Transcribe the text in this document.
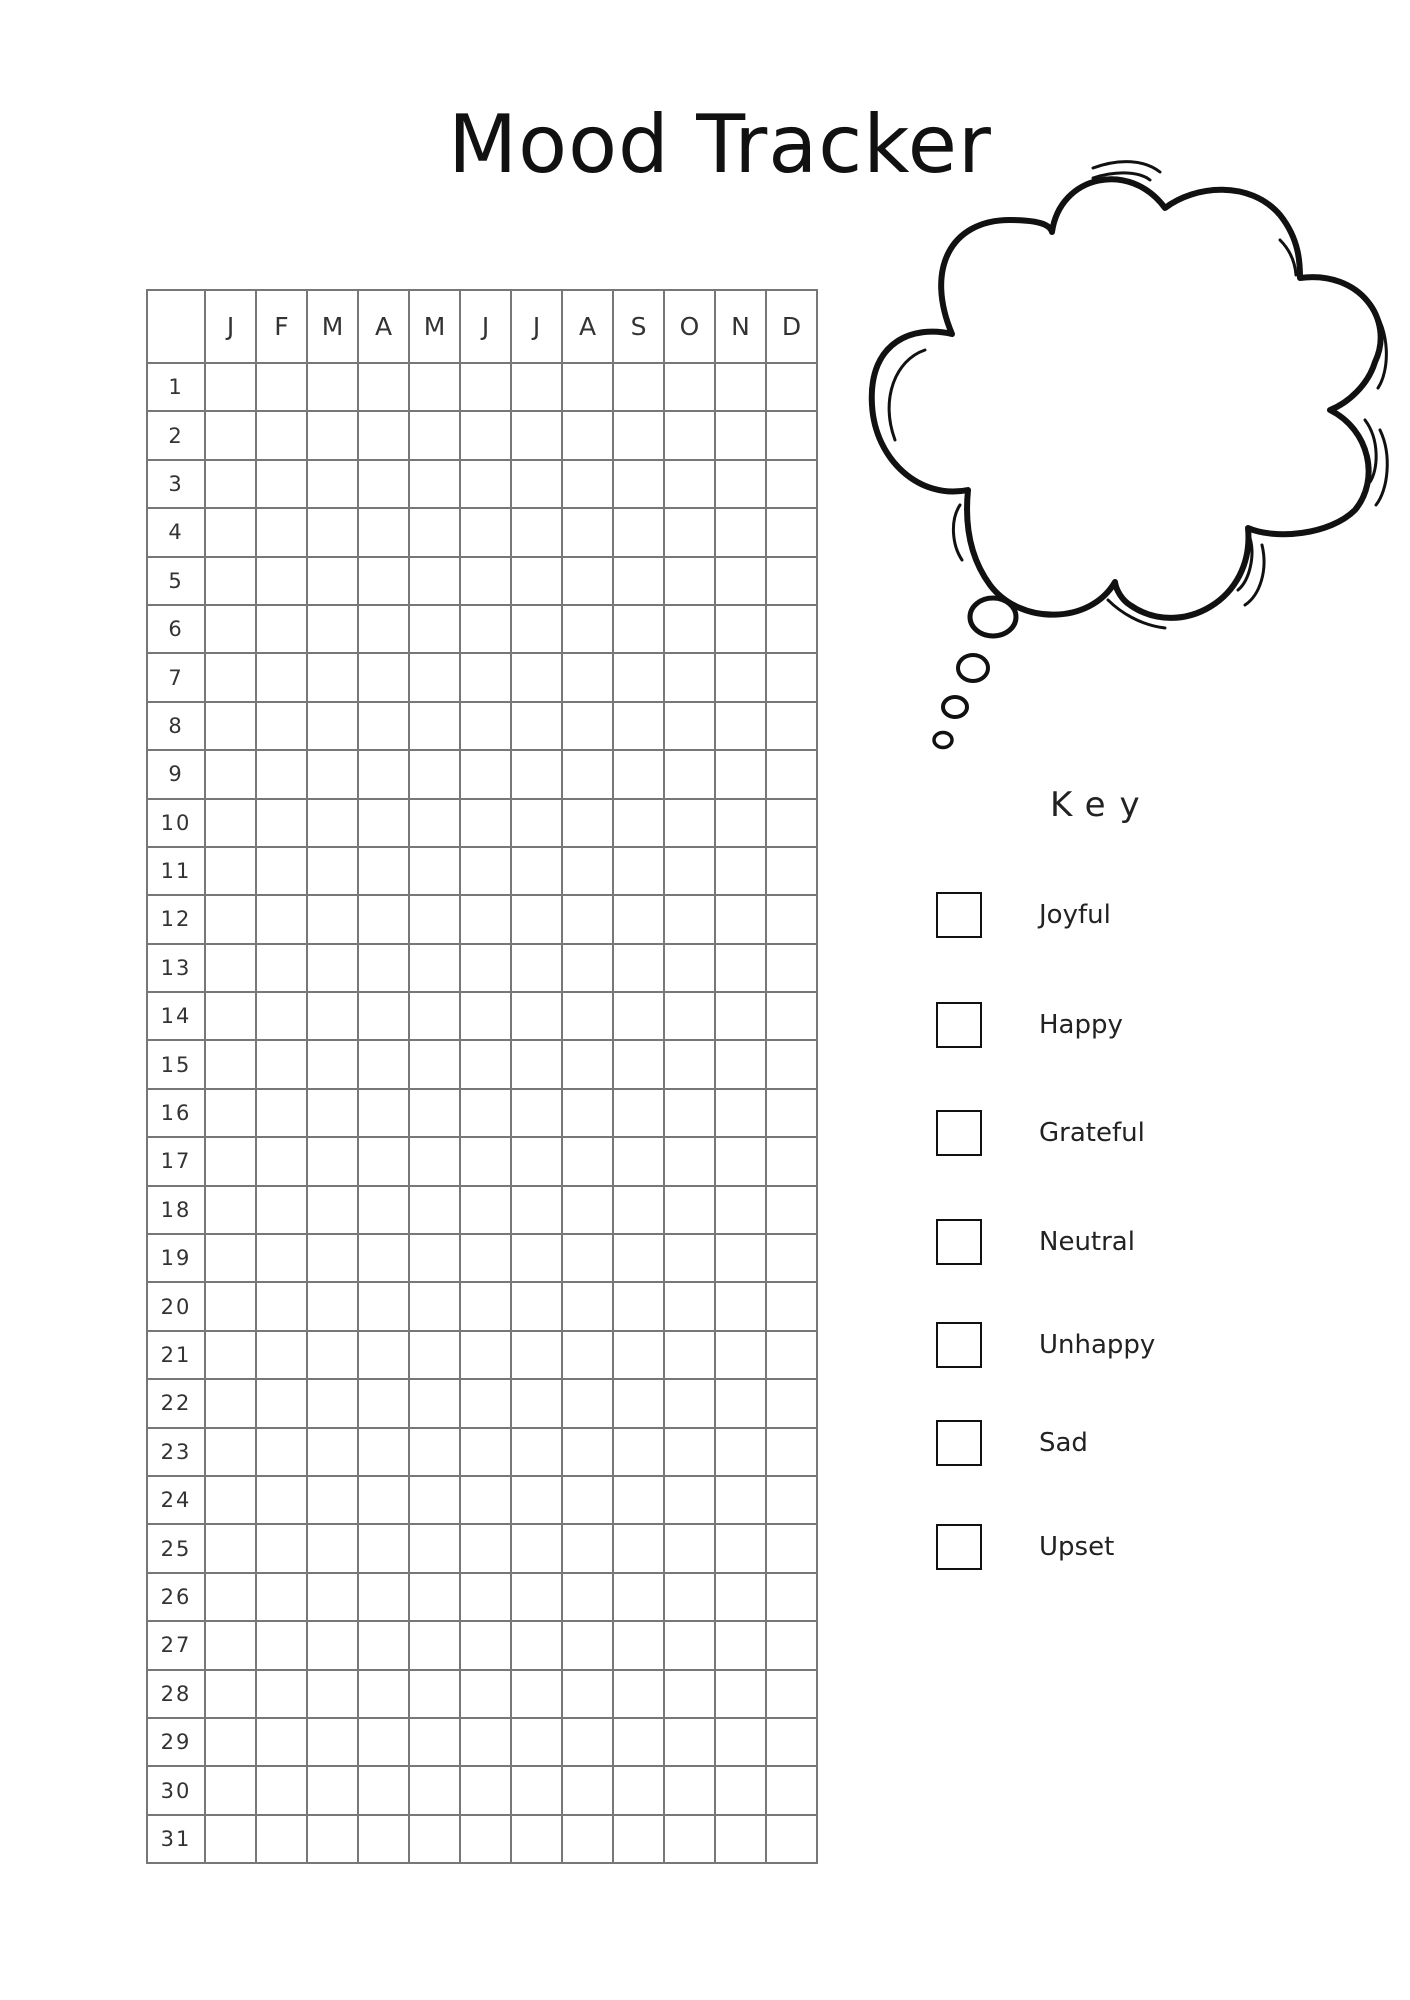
Mood Tracker
	J	F	M	A	M	J	J	A	S	O	N	D
1												
2												
3												
4												
5												
6												
7												
8												
9												
10												
11												
12												
13												
14												
15												
16												
17												
18												
19												
20												
21												
22												
23												
24												
25												
26												
27												
28												
29												
30												
31												
Key
Joyful
Happy
Grateful
Neutral
Unhappy
Sad
Upset
